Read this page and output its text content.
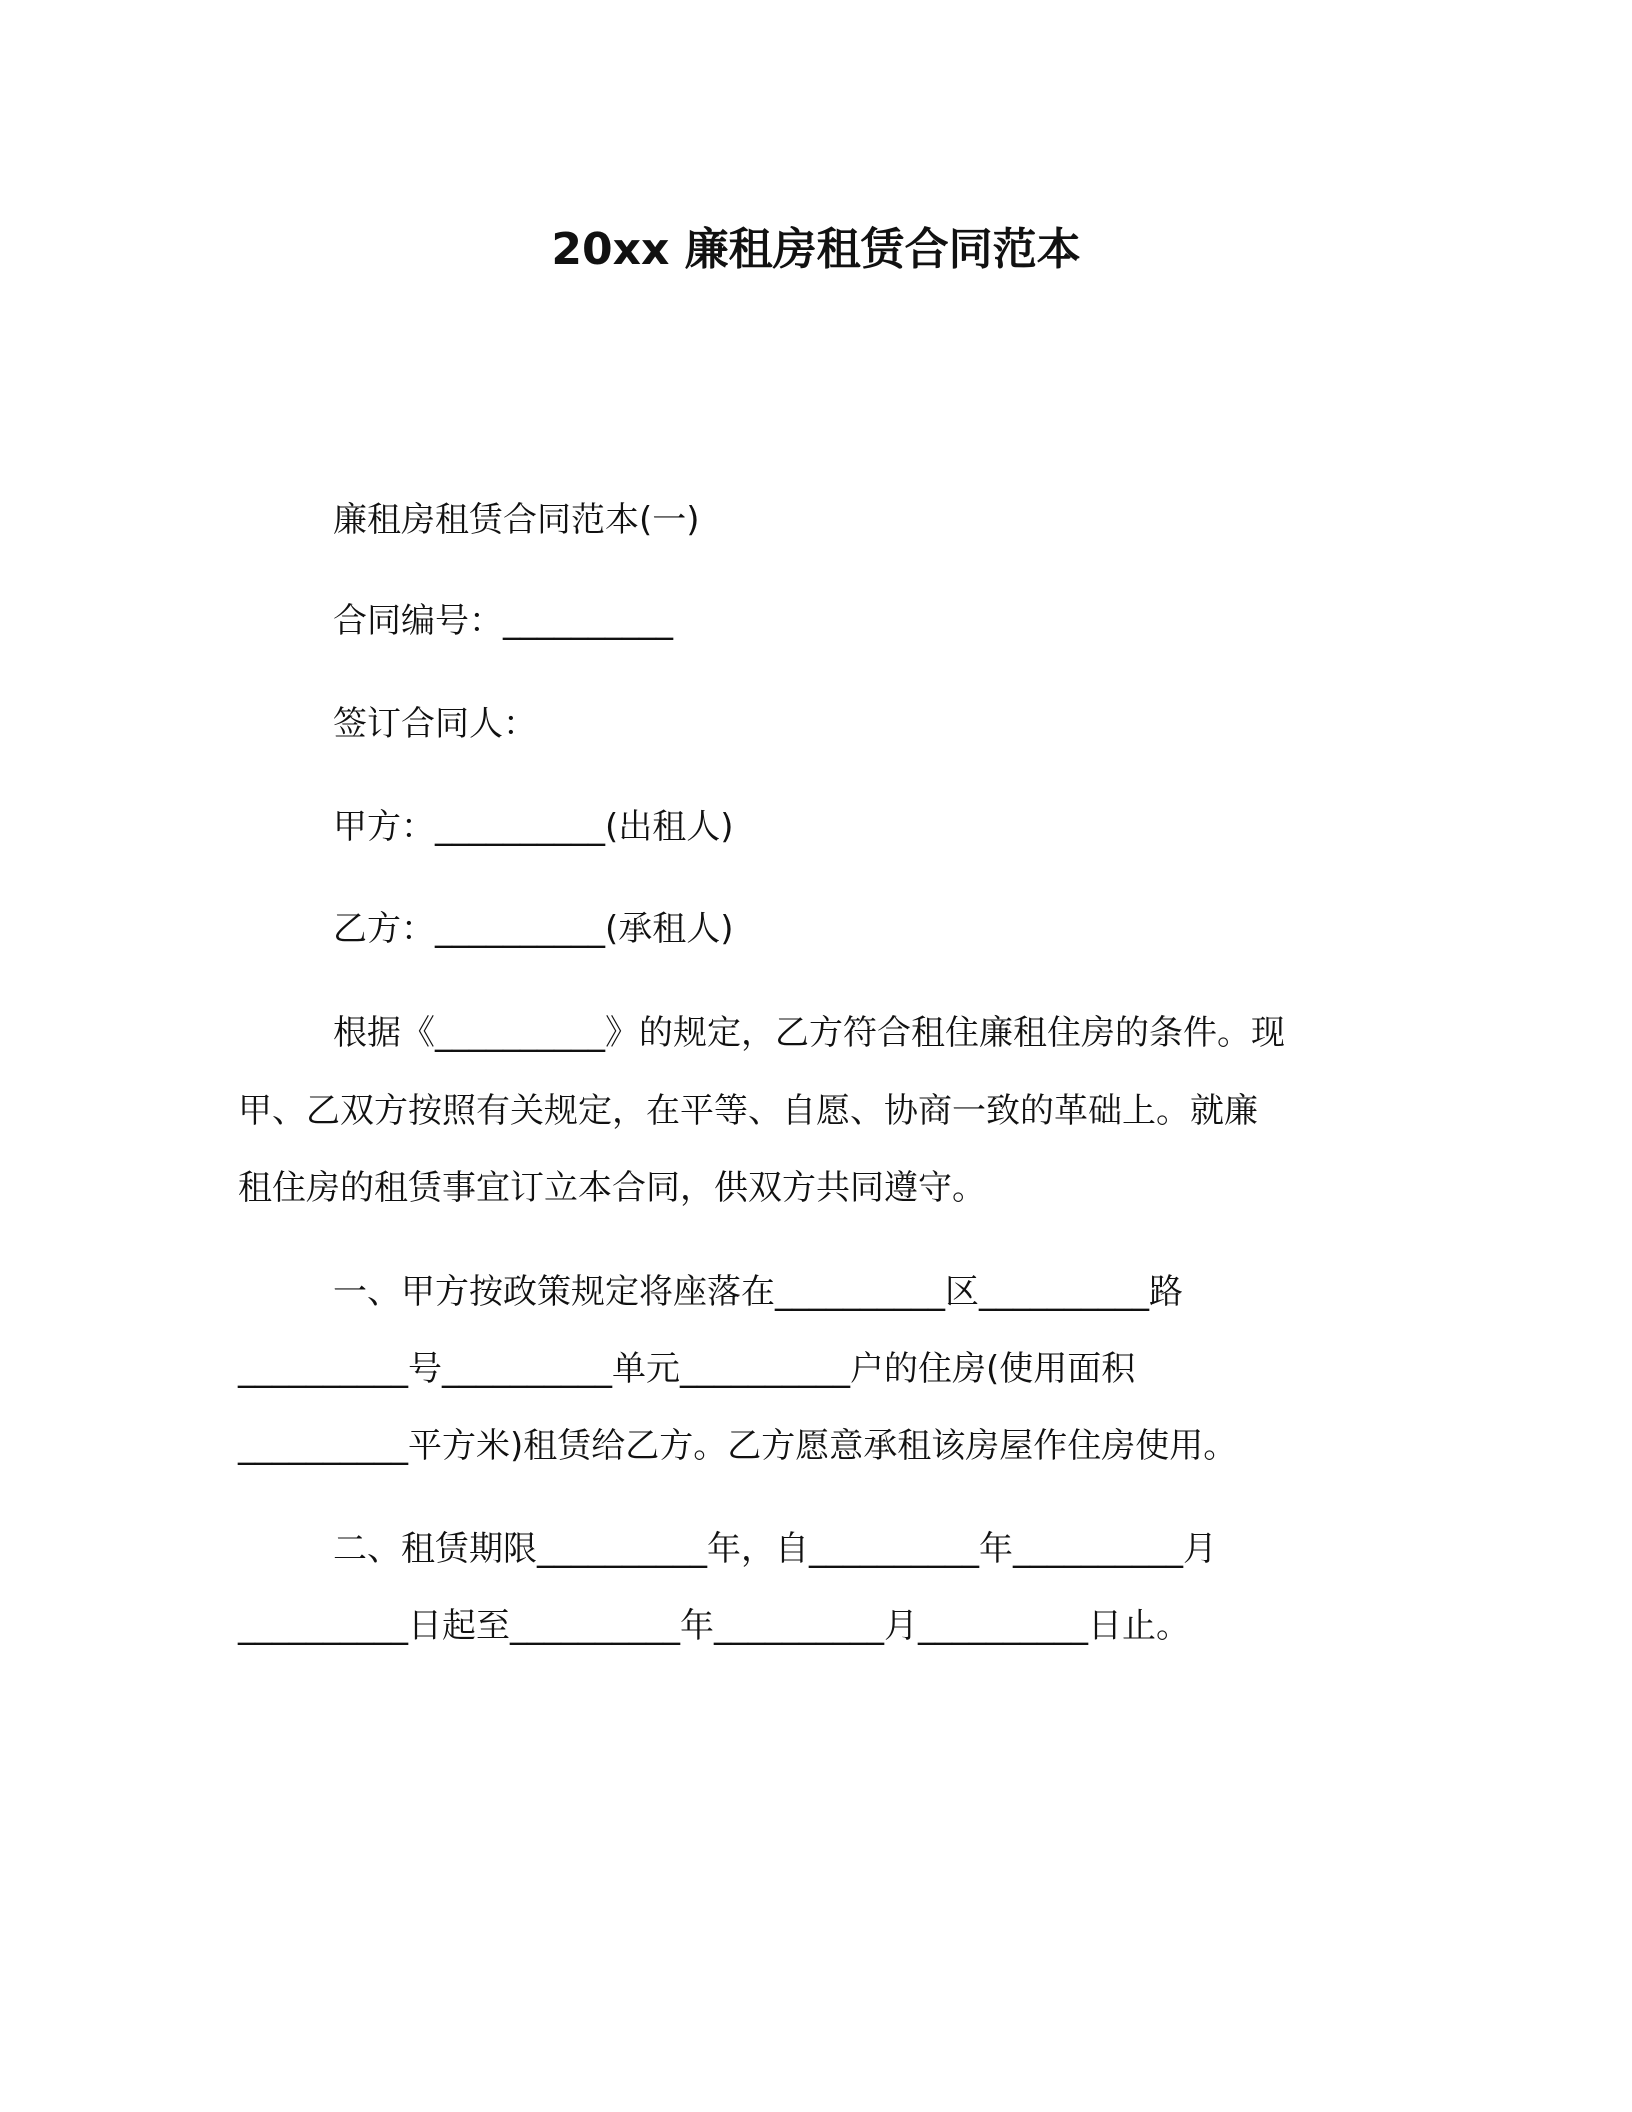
20xx 廉租房租赁合同范本

廉租房租赁合同范本(一)

合同编号：__________

签订合同人：

甲方：__________(出租人)

乙方：__________(承租人)

根据《__________》的规定，乙方符合租住廉租住房的条件。现

甲、乙双方按照有关规定，在平等、自愿、协商一致的革础上。就廉

租住房的租赁事宜订立本合同，供双方共同遵守。

一、甲方按政策规定将座落在__________区__________路

__________号__________单元__________户的住房(使用面积

__________平方米)租赁给乙方。乙方愿意承租该房屋作住房使用。

二、租赁期限__________年，自__________年__________月

__________日起至__________年__________月__________日止。
